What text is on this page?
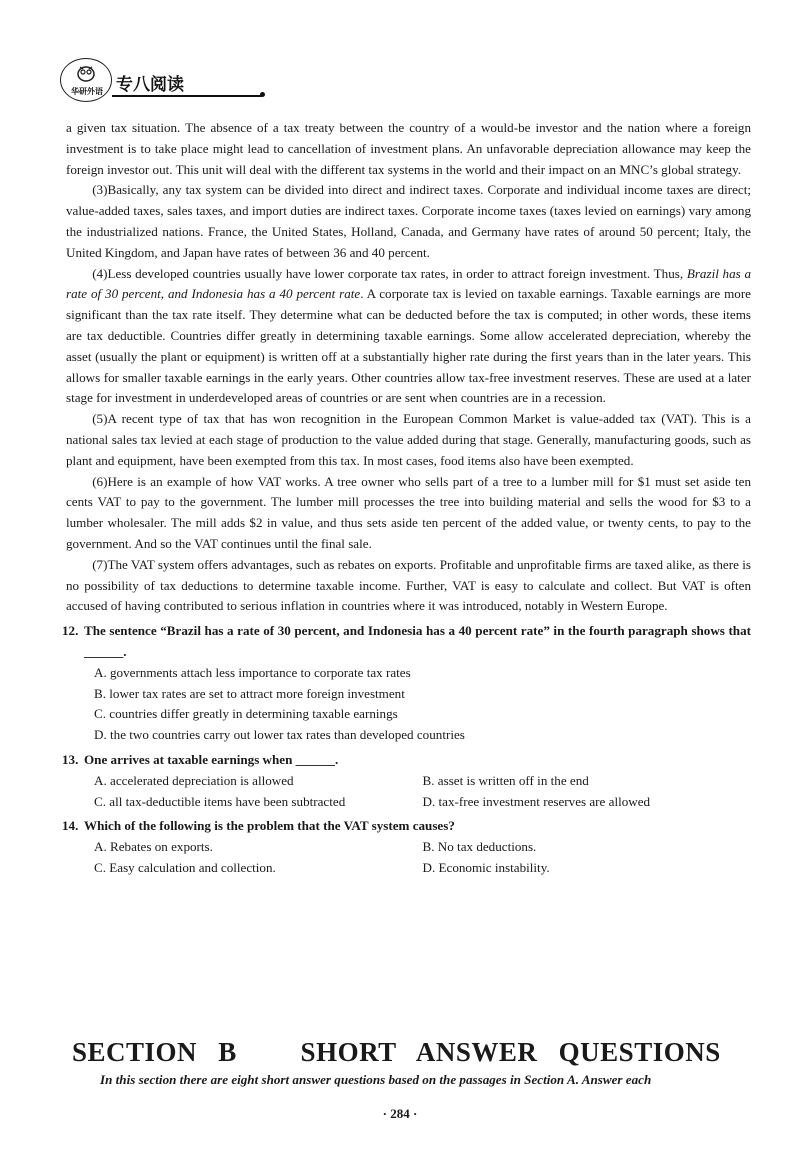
华研外语 专八阅读

a given tax situation. The absence of a tax treaty between the country of a would-be investor and the nation where a foreign investment is to take place might lead to cancellation of investment plans. An unfavorable depreciation allowance may keep the foreign investor out. This unit will deal with the different tax systems in the world and their impact on an MNC’s global strategy.

(3)Basically, any tax system can be divided into direct and indirect taxes. Corporate and individual income taxes are direct; value-added taxes, sales taxes, and import duties are indirect taxes. Corporate income taxes (taxes levied on earnings) vary among the industrialized nations. France, the United States, Holland, Canada, and Germany have rates of around 50 percent; Italy, the United Kingdom, and Japan have rates of between 36 and 40 percent.

(4)Less developed countries usually have lower corporate tax rates, in order to attract foreign investment. Thus, Brazil has a rate of 30 percent, and Indonesia has a 40 percent rate. A corporate tax is levied on taxable earnings. Taxable earnings are more significant than the tax rate itself. They determine what can be deducted before the tax is computed; in other words, these items are tax deductible. Countries differ greatly in determining taxable earnings. Some allow accelerated depreciation, whereby the asset (usually the plant or equipment) is written off at a substantially higher rate during the first years than in the later years. This allows for smaller taxable earnings in the early years. Other countries allow tax-free investment reserves. These are used at a later stage for investment in underdeveloped areas of countries or are sent when countries are in a recession.

(5)A recent type of tax that has won recognition in the European Common Market is value-added tax (VAT). This is a national sales tax levied at each stage of production to the value added during that stage. Generally, manufacturing goods, such as plant and equipment, have been exempted from this tax. In most cases, food items also have been exempted.

(6)Here is an example of how VAT works. A tree owner who sells part of a tree to a lumber mill for $1 must set aside ten cents VAT to pay to the government. The lumber mill processes the tree into building material and sells the wood for $3 to a lumber wholesaler. The mill adds $2 in value, and thus sets aside ten percent of the added value, or twenty cents, to pay to the government. And so the VAT continues until the final sale.

(7)The VAT system offers advantages, such as rebates on exports. Profitable and unprofitable firms are taxed alike, as there is no possibility of tax deductions to determine taxable income. Further, VAT is easy to calculate and collect. But VAT is often accused of having contributed to serious inflation in countries where it was introduced, notably in Western Europe.

12. The sentence “Brazil has a rate of 30 percent, and Indonesia has a 40 percent rate” in the fourth paragraph shows that ______.

A. governments attach less importance to corporate tax rates

B. lower tax rates are set to attract more foreign investment

C. countries differ greatly in determining taxable earnings

D. the two countries carry out lower tax rates than developed countries

13. One arrives at taxable earnings when ______.
A. accelerated depreciation is allowed	B. asset is written off in the end
C. all tax-deductible items have been subtracted	D. tax-free investment reserves are allowed
14. Which of the following is the problem that the VAT system causes?
A. Rebates on exports.	B. No tax deductions.
C. Easy calculation and collection.	D. Economic instability.
SECTION B   SHORT ANSWER QUESTIONS
In this section there are eight short answer questions based on the passages in Section A. Answer each
· 284 ·
